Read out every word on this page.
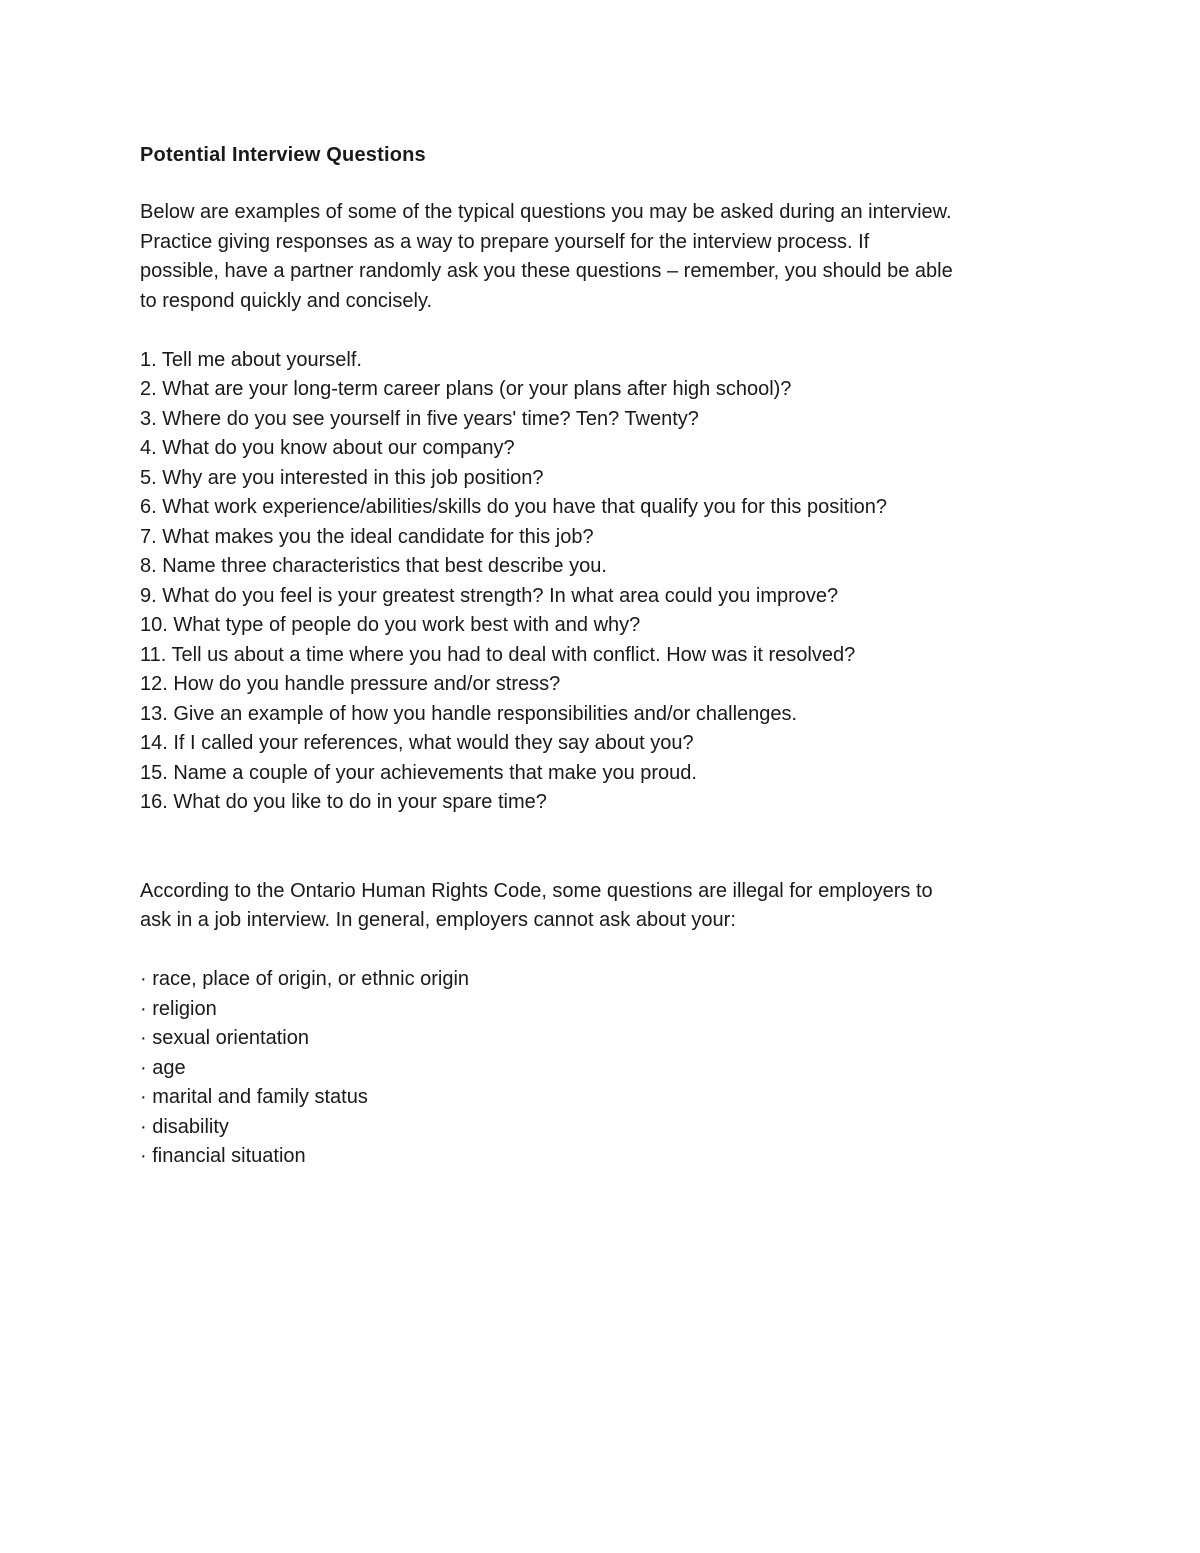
Potential Interview Questions
Below are examples of some of the typical questions you may be asked during an interview.
Practice giving responses as a way to prepare yourself for the interview process. If
possible, have a partner randomly ask you these questions – remember, you should be able
to respond quickly and concisely.
1. Tell me about yourself.
2. What are your long-term career plans (or your plans after high school)?
3. Where do you see yourself in five years' time? Ten? Twenty?
4. What do you know about our company?
5. Why are you interested in this job position?
6. What work experience/abilities/skills do you have that qualify you for this position?
7. What makes you the ideal candidate for this job?
8. Name three characteristics that best describe you.
9. What do you feel is your greatest strength? In what area could you improve?
10. What type of people do you work best with and why?
11. Tell us about a time where you had to deal with conflict. How was it resolved?
12. How do you handle pressure and/or stress?
13. Give an example of how you handle responsibilities and/or challenges.
14. If I called your references, what would they say about you?
15. Name a couple of your achievements that make you proud.
16. What do you like to do in your spare time?
According to the Ontario Human Rights Code, some questions are illegal for employers to
ask in a job interview. In general, employers cannot ask about your:
· race, place of origin, or ethnic origin
· religion
· sexual orientation
· age
· marital and family status
· disability
· financial situation
